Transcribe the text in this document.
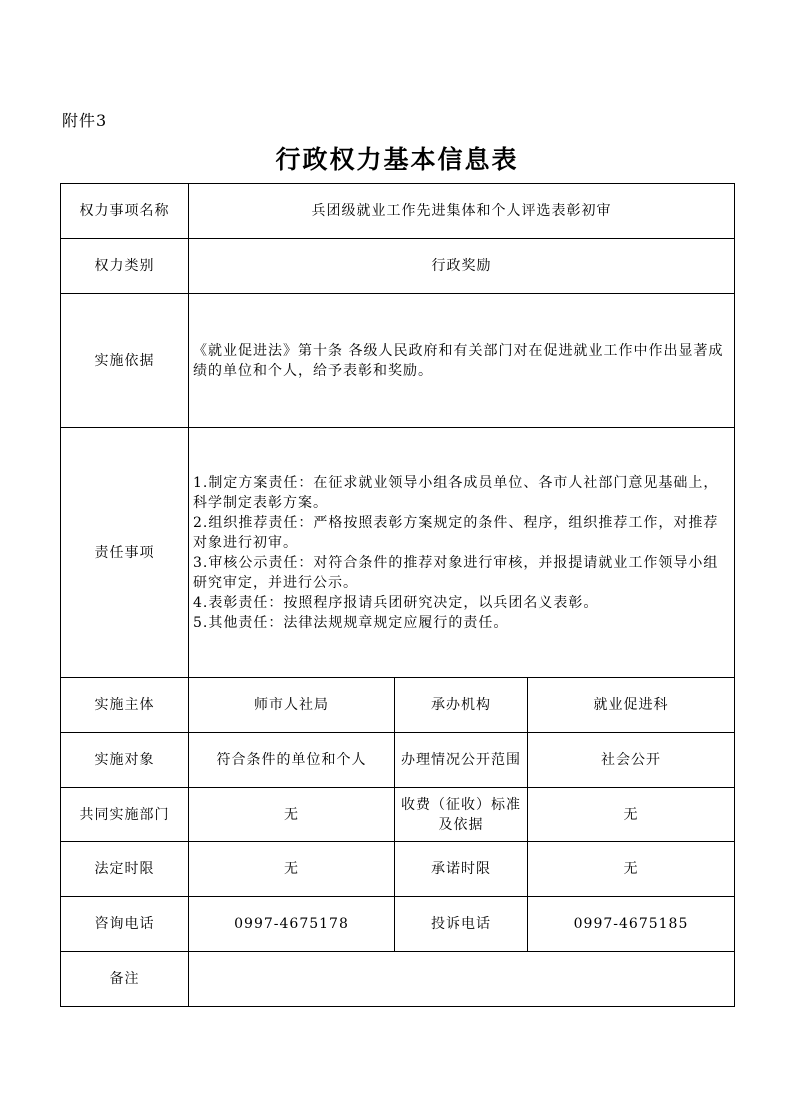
附件3
行政权力基本信息表
权力事项名称	兵团级就业工作先进集体和个人评选表彰初审		
权力类别	行政奖励		
实施依据	《就业促进法》第十条 各级人民政府和有关部门对在促进就业工作中作出显著成绩的单位和个人，给予表彰和奖励。		
责任事项	1.制定方案责任：在征求就业领导小组各成员单位、各市人社部门意见基础上，科学制定表彰方案。
2.组织推荐责任：严格按照表彰方案规定的条件、程序，组织推荐工作，对推荐对象进行初审。
3.审核公示责任：对符合条件的推荐对象进行审核，并报提请就业工作领导小组研究审定，并进行公示。
4.表彰责任：按照程序报请兵团研究决定，以兵团名义表彰。
5.其他责任：法律法规规章规定应履行的责任。		

实施主体	师市人社局	承办机构	就业促进科
实施对象	符合条件的单位和个人	办理情况公开范围	社会公开
共同实施部门	无	收费（征收）标准及依据	无
法定时限	无	承诺时限	无
咨询电话	0997-4675178	投诉电话	0997-4675185
备注			
